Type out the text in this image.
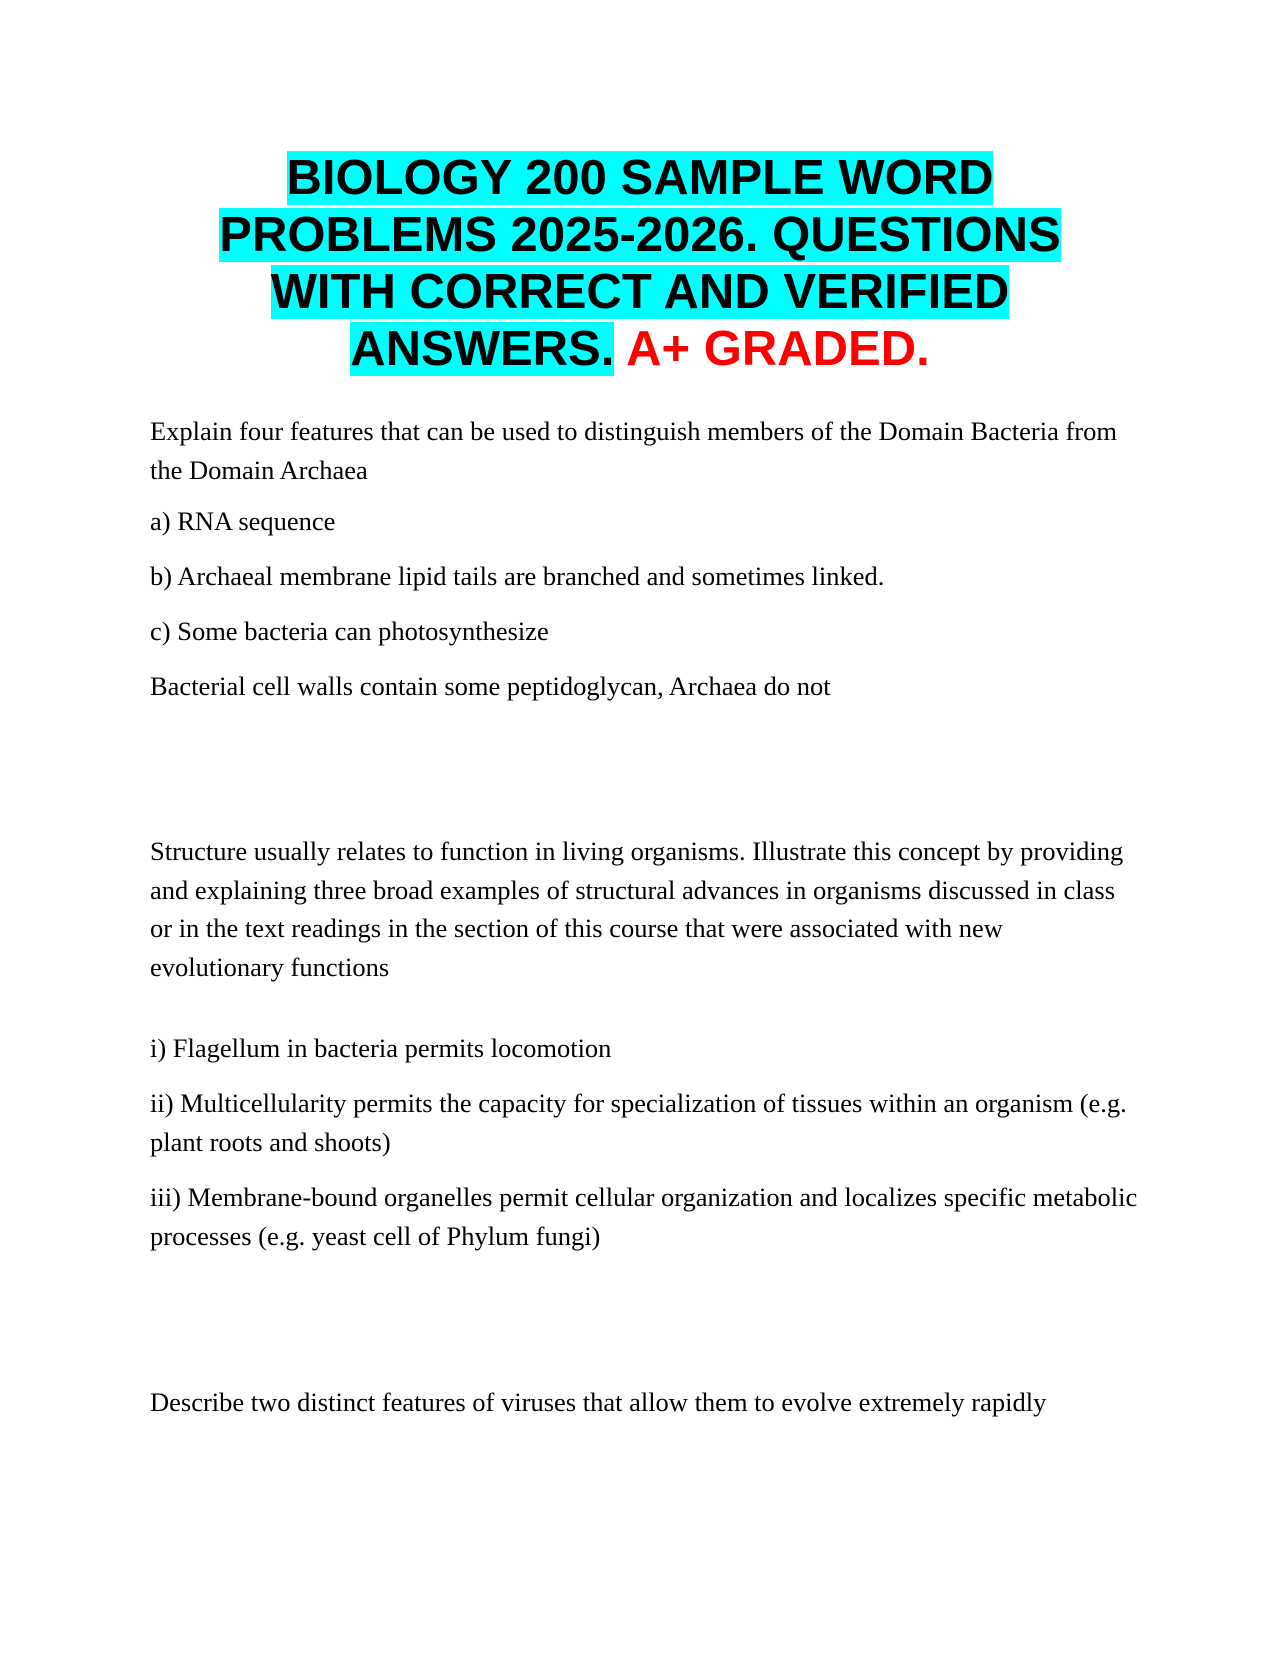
BIOLOGY 200 SAMPLE WORD PROBLEMS 2025-2026. QUESTIONS WITH CORRECT AND VERIFIED ANSWERS. A+ GRADED.

Explain four features that can be used to distinguish members of the Domain Bacteria from the Domain Archaea

a) RNA sequence

b) Archaeal membrane lipid tails are branched and sometimes linked.

c) Some bacteria can photosynthesize

Bacterial cell walls contain some peptidoglycan, Archaea do not

Structure usually relates to function in living organisms. Illustrate this concept by providing and explaining three broad examples of structural advances in organisms discussed in class or in the text readings in the section of this course that were associated with new evolutionary functions

i) Flagellum in bacteria permits locomotion

ii) Multicellularity permits the capacity for specialization of tissues within an organism (e.g. plant roots and shoots)

iii) Membrane-bound organelles permit cellular organization and localizes specific metabolic processes (e.g. yeast cell of Phylum fungi)

Describe two distinct features of viruses that allow them to evolve extremely rapidly
